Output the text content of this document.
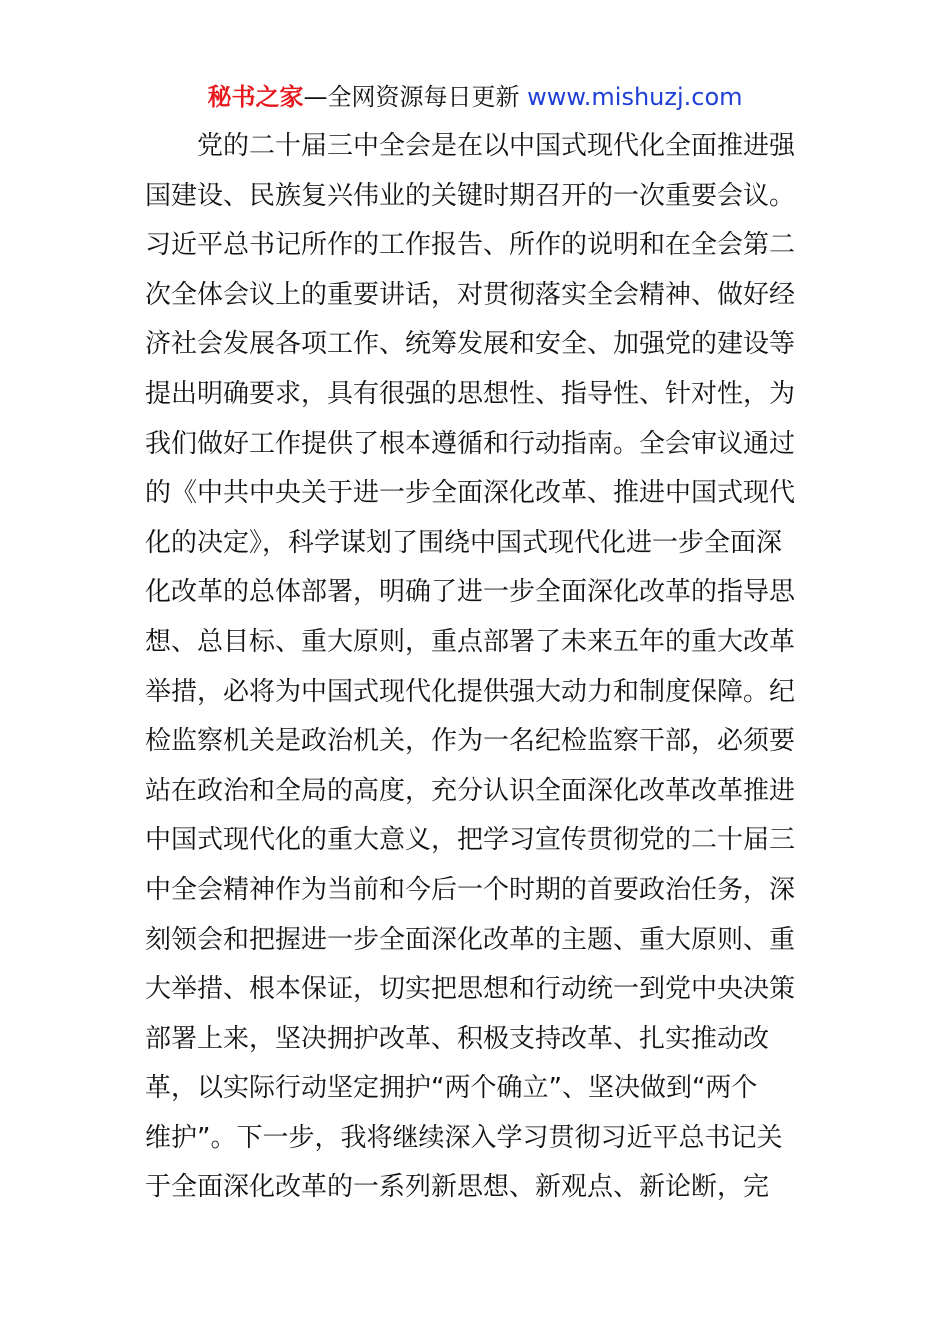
秘书之家—全网资源每日更新 www.mishuzj.com
党的二十届三中全会是在以中国式现代化全面推进强
国建设、民族复兴伟业的关键时期召开的一次重要会议。
习近平总书记所作的工作报告、所作的说明和在全会第二
次全体会议上的重要讲话，对贯彻落实全会精神、做好经
济社会发展各项工作、统筹发展和安全、加强党的建设等
提出明确要求，具有很强的思想性、指导性、针对性，为
我们做好工作提供了根本遵循和行动指南。全会审议通过
的《中共中央关于进一步全面深化改革、推进中国式现代
化的决定》，科学谋划了围绕中国式现代化进一步全面深
化改革的总体部署，明确了进一步全面深化改革的指导思
想、总目标、重大原则，重点部署了未来五年的重大改革
举措，必将为中国式现代化提供强大动力和制度保障。纪
检监察机关是政治机关，作为一名纪检监察干部，必须要
站在政治和全局的高度，充分认识全面深化改革改革推进
中国式现代化的重大意义，把学习宣传贯彻党的二十届三
中全会精神作为当前和今后一个时期的首要政治任务，深
刻领会和把握进一步全面深化改革的主题、重大原则、重
大举措、根本保证，切实把思想和行动统一到党中央决策
部署上来，坚决拥护改革、积极支持改革、扎实推动改
革，以实际行动坚定拥护“两个确立”、坚决做到“两个
维护”。下一步，我将继续深入学习贯彻习近平总书记关
于全面深化改革的一系列新思想、新观点、新论断，完
